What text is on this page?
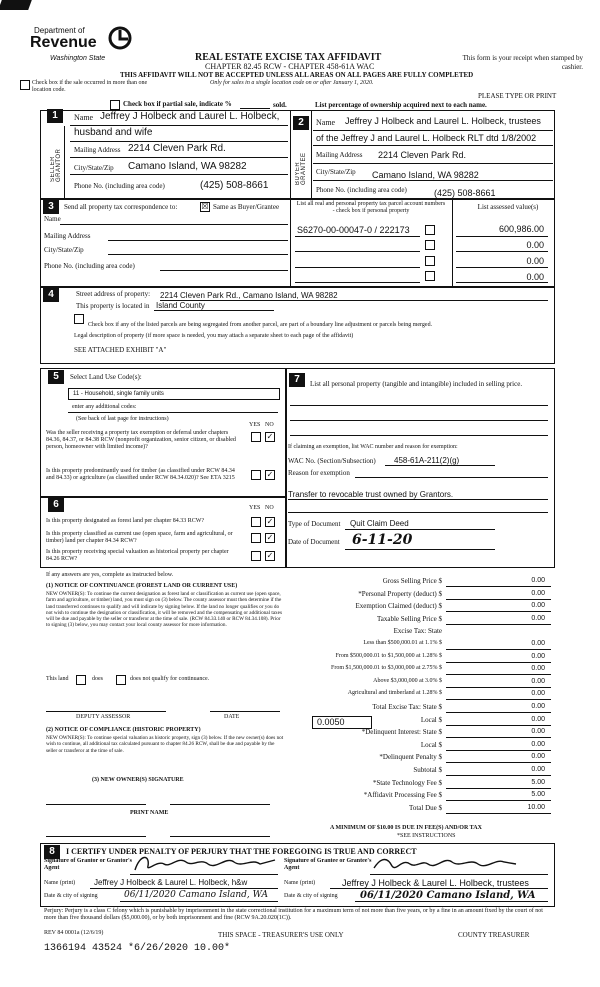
Department of
Revenue
Washington State	REAL ESTATE EXCISE TAX AFFIDAVIT
CHAPTER 82.45 RCW - CHAPTER 458-61A WAC
THIS AFFIDAVIT WILL NOT BE ACCEPTED UNLESS ALL AREAS ON ALL PAGES ARE FULLY COMPLETED
Only for sales in a single location code on or after January 1, 2020.
This form is your receipt when stamped by cashier.
PLEASE TYPE OR PRINT
Check box if the sale occurred in more than one location code.
Check box if partial sale, indicate %	sold.	List percentage of ownership acquired next to each name.
1
SELLER GRANTOR
Name Jeffrey J Holbeck and Laurel L. Holbeck,
husband and wife
Mailing Address 2214 Cleven Park Rd.
City/State/Zip Camano Island, WA 98282
Phone No. (including area code)	(425) 508-8661
2
BUYER GRANTEE
Name Jeffrey J Holbeck and Laurel L. Holbeck, trustees
of the Jeffrey J and Laurel L. Holbeck RLT dtd 1/8/2002
Mailing Address 2214 Cleven Park Rd.
City/State/Zip Camano Island, WA 98282
Phone No. (including area code)	(425) 508-8661
3	Send all property tax correspondence to:	☒ Same as Buyer/Grantee
Name
Mailing Address
City/State/Zip
Phone No. (including area code)
List all real and personal property tax parcel account numbers - check box if personal property	List assessed value(s)
S6270-00-00047-0 / 222173	600,986.00
0.00
0.00
0.00
4	Street address of property: 2214 Cleven Park Rd., Camano Island, WA 98282
This property is located in Island County
Check box if any of the listed parcels are being segregated from another parcel, are part of a boundary line adjustment or parcels being merged.
Legal description of property (if more space is needed, you may attach a separate sheet to each page of the affidavit)
SEE ATTACHED EXHIBIT "A"
5	Select Land Use Code(s):
11 - Household, single family units
enter any additional codes:
(See back of last page for instructions)
YES NO
Was the seller receiving a property tax exemption or deferral under chapters 84.36, 84.37, or 84.38 RCW (nonprofit organization, senior citizen, or disabled person, homeowner with limited income)?
✓
Is this property predominantly used for timber (as classified under RCW 84.34 and 84.33) or agriculture (as classified under RCW 84.34.020)? See ETA 3215	✓
6	YES NO
Is this property designated as forest land per chapter 84.33 RCW?	✓
Is this property classified as current use (open space, farm and agricultural, or timber) land per chapter 84.34 RCW?	✓
Is this property receiving special valuation as historical property per chapter 84.26 RCW?	✓
If any answers are yes, complete as instructed below.
(1) NOTICE OF CONTINUANCE (FOREST LAND OR CURRENT USE)
NEW OWNER(S): To continue the current designation as forest land or classification as current use (open space, farm and agriculture, or timber) land, you must sign on (3) below. The county assessor must then determine if the land transferred continues to qualify and will indicate by signing below. If the land no longer qualifies or you do not wish to continue the designation or classification, it will be removed and the compensating or additional taxes will be due and payable by the seller or transferor at the time of sale. (RCW 84.33.140 or RCW 84.34.108). Prior to signing (3) below, you may contact your local county assessor for more information.
This land	does	does not qualify for continuance.
DEPUTY ASSESSOR	DATE
(2) NOTICE OF COMPLIANCE (HISTORIC PROPERTY)
NEW OWNER(S): To continue special valuation as historic property, sign (3) below. If the new owner(s) does not wish to continue, all additional tax calculated pursuant to chapter 84.26 RCW, shall be due and payable by the seller or transferor at the time of sale.
(3) NEW OWNER(S) SIGNATURE
PRINT NAME
7	List all personal property (tangible and intangible) included in selling price.
If claiming an exemption, list WAC number and reason for exemption:
WAC No. (Section/Subsection) 458-61A-211(2)(g)
Reason for exemption
Transfer to revocable trust owned by Grantors.
Type of Document Quit Claim Deed
Date of Document 6-11-20
Gross Selling Price $	0.00
*Personal Property (deduct) $	0.00
Exemption Claimed (deduct) $	0.00
Taxable Selling Price $	0.00
Excise Tax: State
Less than $500,000.01 at 1.1% $	0.00
From $500,000.01 to $1,500,000 at 1.28% $	0.00
From $1,500,000.01 to $3,000,000 at 2.75% $	0.00
Above $3,000,000 at 3.0% $	0.00
Agricultural and timberland at 1.28% $	0.00
Total Excise Tax: State $	0.00
Local $	0.00
*Delinquent Interest: State $	0.00
Local $	0.00
*Delinquent Penalty $	0.00
Subtotal $	0.00
*State Technology Fee $	5.00
*Affidavit Processing Fee $	5.00
Total Due $	10.00
0.0050
A MINIMUM OF $10.00 IS DUE IN FEE(S) AND/OR TAX
*SEE INSTRUCTIONS
8	I CERTIFY UNDER PENALTY OF PERJURY THAT THE FOREGOING IS TRUE AND CORRECT
Signature of Grantor or Grantor's Agent
Signature of Grantee or Grantee's Agent
Name (print) Jeffrey J Holbeck & Laurel L. Holbeck, h&w	Name (print)	Jeffrey J Holbeck & Laurel L. Holbeck, trustees
Date & city of signing	06/11/2020 Camano Island, WA	Date & city of signing 06/11/2020 Camano Island, WA
Perjury: Perjury is a class C felony which is punishable by imprisonment in the state correctional institution for a maximum term of not more than five years, or by a fine in an amount fixed by the court of not more than five thousand dollars ($5,000.00), or by both imprisonment and fine (RCW 9A.20.020(1C)).
REV 84 0001a (12/6/19)	THIS SPACE - TREASURER'S USE ONLY	COUNTY TREASURER
1366194 43524 *6/26/2020 10.00*
